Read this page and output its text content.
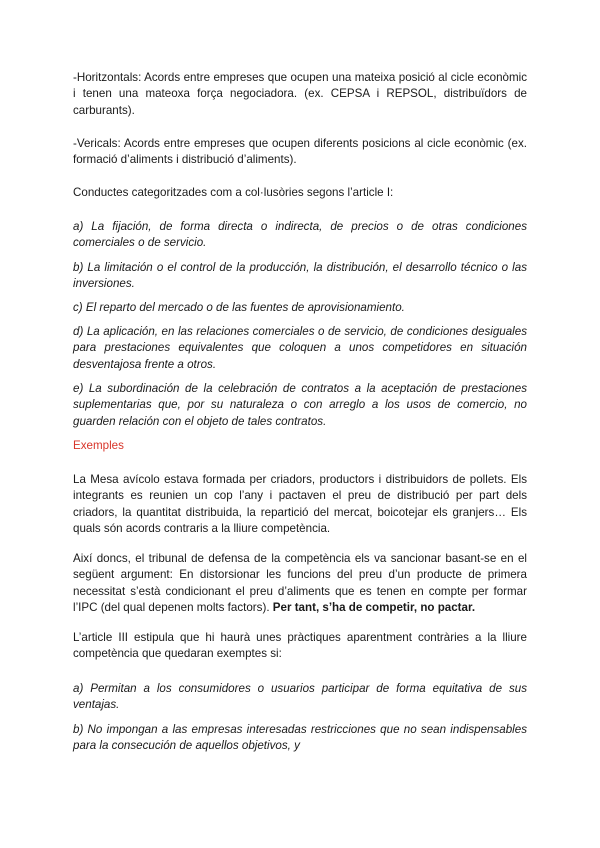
-Horitzontals: Acords entre empreses que ocupen una mateixa posició al cicle econòmic i tenen una mateoxa força negociadora. (ex. CEPSA i REPSOL, distribuïdors de carburants).

-Vericals: Acords entre empreses que ocupen diferents posicions al cicle econòmic (ex. formació d’aliments i distribució d’aliments).

Conductes categoritzades com a col·lusòries segons l’article I:

a) La fijación, de forma directa o indirecta, de precios o de otras condiciones comerciales o de servicio.

b) La limitación o el control de la producción, la distribución, el desarrollo técnico o las inversiones.

c) El reparto del mercado o de las fuentes de aprovisionamiento.

d) La aplicación, en las relaciones comerciales o de servicio, de condiciones desiguales para prestaciones equivalentes que coloquen a unos competidores en situación desventajosa frente a otros.

e) La subordinación de la celebración de contratos a la aceptación de prestaciones suplementarias que, por su naturaleza o con arreglo a los usos de comercio, no guarden relación con el objeto de tales contratos.

Exemples

La Mesa avícolo estava formada per criadors, productors i distribuidors de pollets. Els integrants es reunien un cop l’any i pactaven el preu de distribució per part dels criadors, la quantitat distribuida, la repartició del mercat, boicotejar els granjers… Els quals són acords contraris a la lliure competència.

Així doncs, el tribunal de defensa de la competència els va sancionar basant-se en el següent argument: En distorsionar les funcions del preu d’un producte de primera necessitat s’està condicionant el preu d’aliments que es tenen en compte per formar l’IPC (del qual depenen molts factors). Per tant, s’ha de competir, no pactar.

L’article III estipula que hi haurà unes pràctiques aparentment contràries a la lliure competència que quedaran exemptes si:

a) Permitan a los consumidores o usuarios participar de forma equitativa de sus ventajas.

b) No impongan a las empresas interesadas restricciones que no sean indispensables para la consecución de aquellos objetivos, y
